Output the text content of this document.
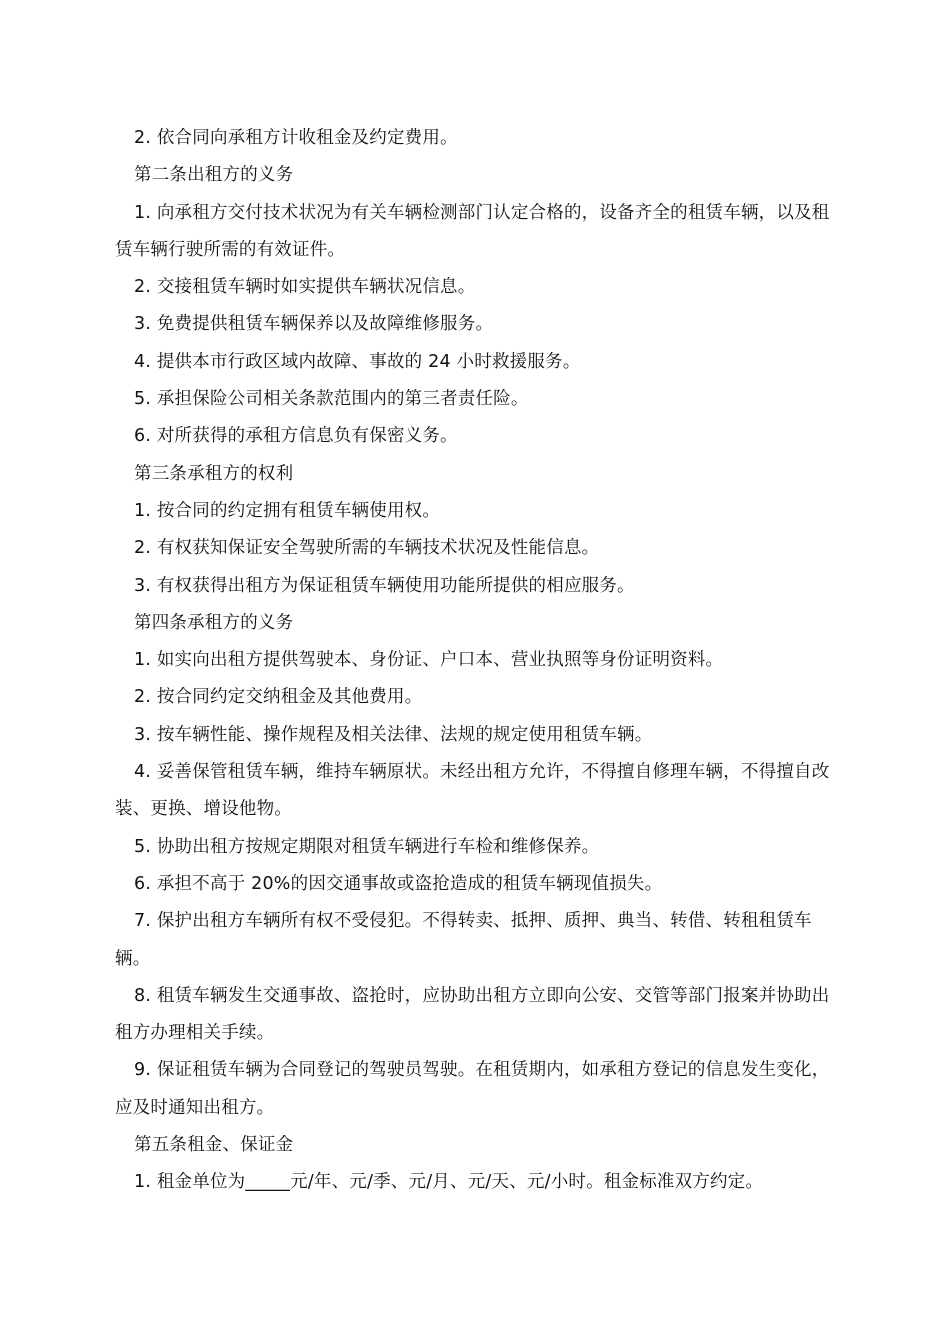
2. 依合同向承租方计收租金及约定费用。

第二条出租方的义务

1. 向承租方交付技术状况为有关车辆检测部门认定合格的，设备齐全的租赁车辆，以及租赁车辆行驶所需的有效证件。

2. 交接租赁车辆时如实提供车辆状况信息。

3. 免费提供租赁车辆保养以及故障维修服务。

4. 提供本市行政区域内故障、事故的 24 小时救援服务。

5. 承担保险公司相关条款范围内的第三者责任险。

6. 对所获得的承租方信息负有保密义务。

第三条承租方的权利

1. 按合同的约定拥有租赁车辆使用权。

2. 有权获知保证安全驾驶所需的车辆技术状况及性能信息。

3. 有权获得出租方为保证租赁车辆使用功能所提供的相应服务。

第四条承租方的义务

1. 如实向出租方提供驾驶本、身份证、户口本、营业执照等身份证明资料。

2. 按合同约定交纳租金及其他费用。

3. 按车辆性能、操作规程及相关法律、法规的规定使用租赁车辆。

4. 妥善保管租赁车辆，维持车辆原状。未经出租方允许，不得擅自修理车辆，不得擅自改装、更换、增设他物。

5. 协助出租方按规定期限对租赁车辆进行车检和维修保养。

6. 承担不高于 20%的因交通事故或盗抢造成的租赁车辆现值损失。

7. 保护出租方车辆所有权不受侵犯。不得转卖、抵押、质押、典当、转借、转租租赁车辆。

8. 租赁车辆发生交通事故、盗抢时，应协助出租方立即向公安、交管等部门报案并协助出租方办理相关手续。

9. 保证租赁车辆为合同登记的驾驶员驾驶。在租赁期内，如承租方登记的信息发生变化，应及时通知出租方。

第五条租金、保证金

1. 租金单位为_____元/年、元/季、元/月、元/天、元/小时。租金标准双方约定。
